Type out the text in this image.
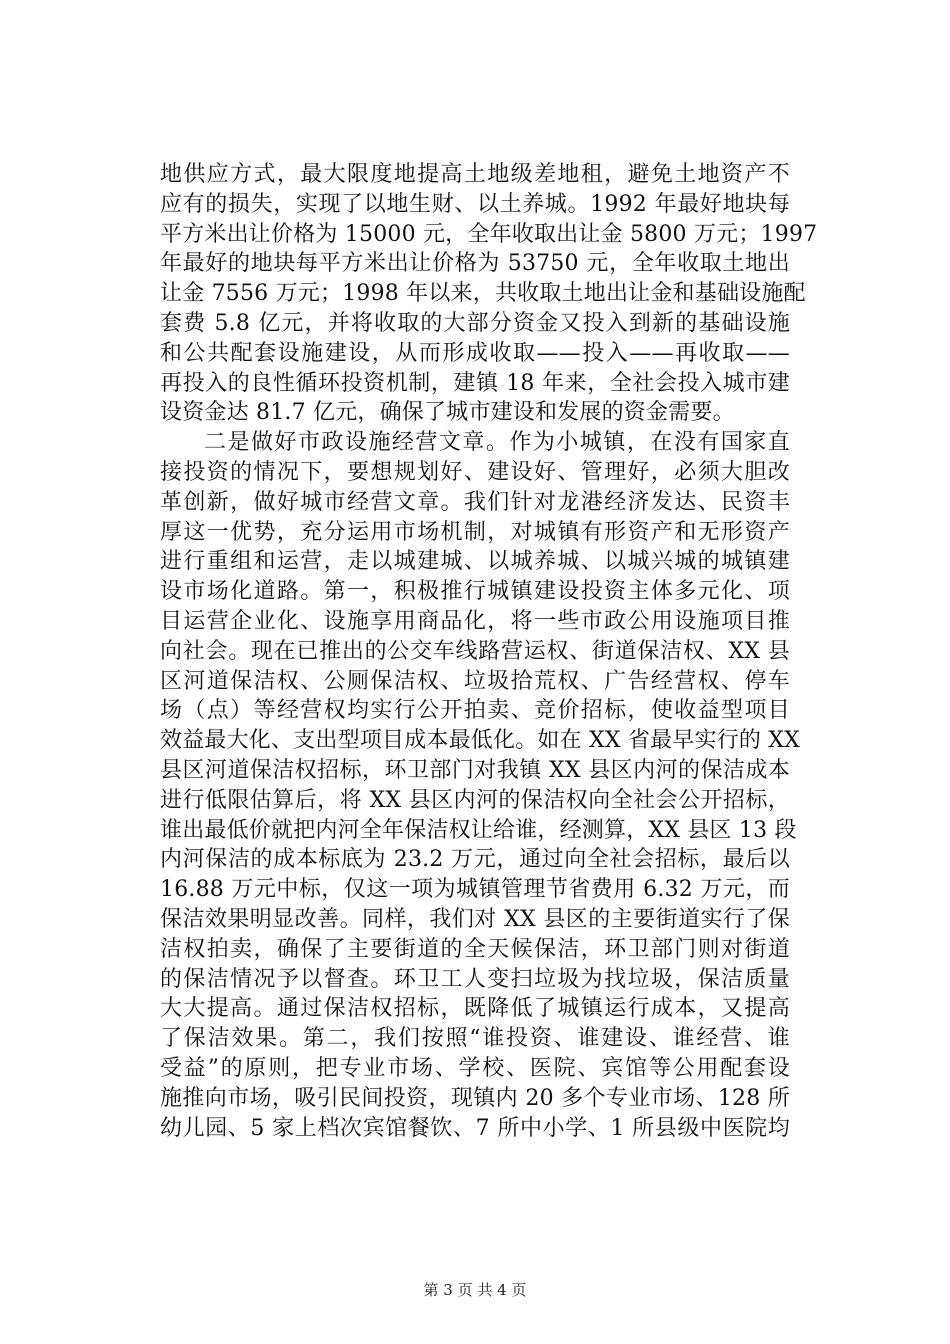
地供应方式，最大限度地提高土地级差地租，避免土地资产不
应有的损失，实现了以地生财、以土养城。1992 年最好地块每
平方米出让价格为 15000 元，全年收取出让金 5800 万元；1997
年最好的地块每平方米出让价格为 53750 元，全年收取土地出
让金 7556 万元；1998 年以来，共收取土地出让金和基础设施配
套费 5.8 亿元，并将收取的大部分资金又投入到新的基础设施
和公共配套设施建设，从而形成收取——投入——再收取——
再投入的良性循环投资机制，建镇 18 年来，全社会投入城市建
设资金达 81.7 亿元，确保了城市建设和发展的资金需要。
二是做好市政设施经营文章。作为小城镇，在没有国家直
接投资的情况下，要想规划好、建设好、管理好，必须大胆改
革创新，做好城市经营文章。我们针对龙港经济发达、民资丰
厚这一优势，充分运用市场机制，对城镇有形资产和无形资产
进行重组和运营，走以城建城、以城养城、以城兴城的城镇建
设市场化道路。第一，积极推行城镇建设投资主体多元化、项
目运营企业化、设施享用商品化，将一些市政公用设施项目推
向社会。现在已推出的公交车线路营运权、街道保洁权、XX 县
区河道保洁权、公厕保洁权、垃圾拾荒权、广告经营权、停车
场（点）等经营权均实行公开拍卖、竞价招标，使收益型项目
效益最大化、支出型项目成本最低化。如在 XX 省最早实行的 XX
县区河道保洁权招标，环卫部门对我镇 XX 县区内河的保洁成本
进行低限估算后，将 XX 县区内河的保洁权向全社会公开招标，
谁出最低价就把内河全年保洁权让给谁，经测算，XX 县区 13 段
内河保洁的成本标底为 23.2 万元，通过向全社会招标，最后以
16.88 万元中标，仅这一项为城镇管理节省费用 6.32 万元，而
保洁效果明显改善。同样，我们对 XX 县区的主要街道实行了保
洁权拍卖，确保了主要街道的全天候保洁，环卫部门则对街道
的保洁情况予以督查。环卫工人变扫垃圾为找垃圾，保洁质量
大大提高。通过保洁权招标，既降低了城镇运行成本，又提高
了保洁效果。第二，我们按照“谁投资、谁建设、谁经营、谁
受益”的原则，把专业市场、学校、医院、宾馆等公用配套设
施推向市场，吸引民间投资，现镇内 20 多个专业市场、128 所
幼儿园、5 家上档次宾馆餐饮、7 所中小学、1 所县级中医院均
第 3 页 共 4 页
